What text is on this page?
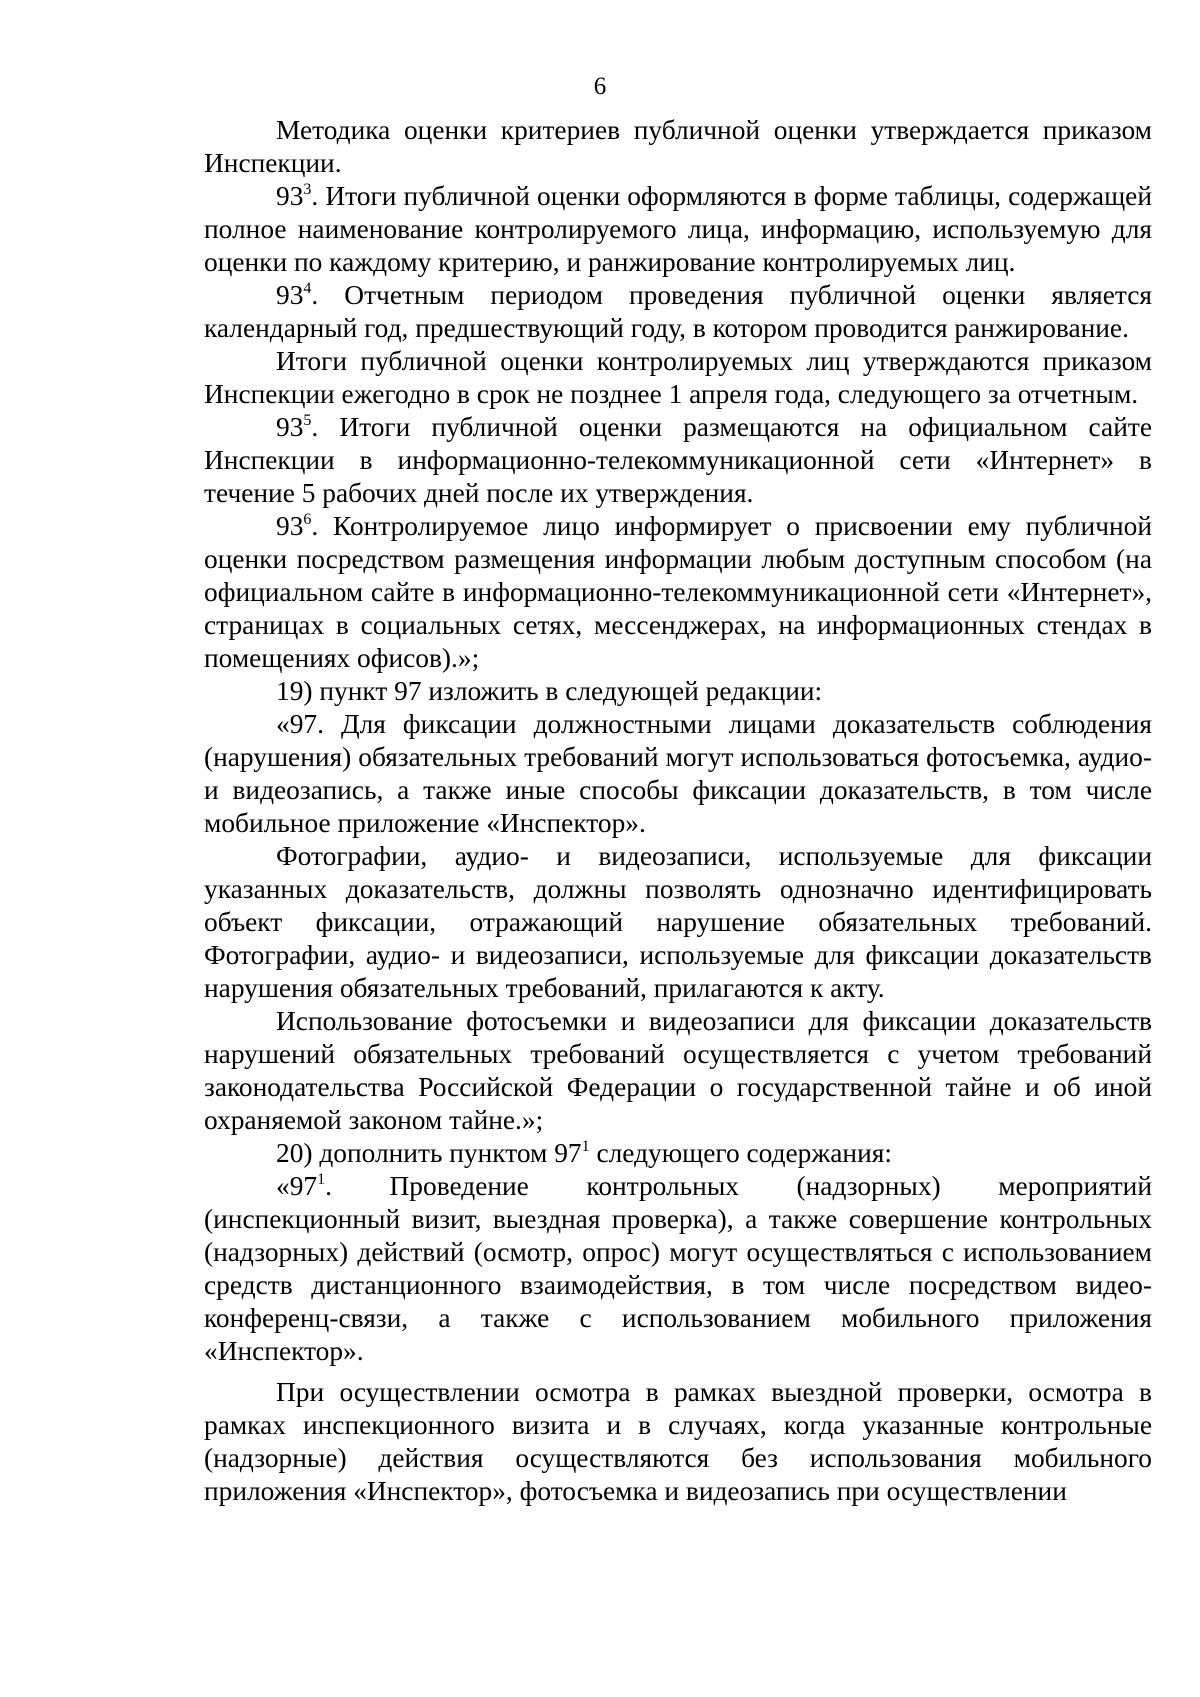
6

Методика оценки критериев публичной оценки утверждается приказом Инспекции.

$93^3$. Итоги публичной оценки оформляются в форме таблицы, содержащей полное наименование контролируемого лица, информацию, используемую для оценки по каждому критерию, и ранжирование контролируемых лиц.

$93^4$. Отчетным периодом проведения публичной оценки является календарный год, предшествующий году, в котором проводится ранжирование.

Итоги публичной оценки контролируемых лиц утверждаются приказом Инспекции ежегодно в срок не позднее 1 апреля года, следующего за отчетным.

$93^5$. Итоги публичной оценки размещаются на официальном сайте Инспекции в информационно-телекоммуникационной сети «Интернет» в течение 5 рабочих дней после их утверждения.

$93^6$. Контролируемое лицо информирует о присвоении ему публичной оценки посредством размещения информации любым доступным способом (на официальном сайте в информационно-телекоммуникационной сети «Интернет», страницах в социальных сетях, мессенджерах, на информационных стендах в помещениях офисов).»;

19) пункт 97 изложить в следующей редакции:

«97. Для фиксации должностными лицами доказательств соблюдения (нарушения) обязательных требований могут использоваться фотосъемка, аудио- и видеозапись, а также иные способы фиксации доказательств, в том числе мобильное приложение «Инспектор».

Фотографии, аудио- и видеозаписи, используемые для фиксации указанных доказательств, должны позволять однозначно идентифицировать объект фиксации, отражающий нарушение обязательных требований. Фотографии, аудио- и видеозаписи, используемые для фиксации доказательств нарушения обязательных требований, прилагаются к акту.

Использование фотосъемки и видеозаписи для фиксации доказательств нарушений обязательных требований осуществляется с учетом требований законодательства Российской Федерации о государственной тайне и об иной охраняемой законом тайне.»;

20) дополнить пунктом $97^1$ следующего содержания:

«$97^1$. Проведение контрольных (надзорных) мероприятий (инспекционный визит, выездная проверка), а также совершение контрольных (надзорных) действий (осмотр, опрос) могут осуществляться с использованием средств дистанционного взаимодействия, в том числе посредством видео-конференц-связи, а также с использованием мобильного приложения «Инспектор».

При осуществлении осмотра в рамках выездной проверки, осмотра в рамках инспекционного визита и в случаях, когда указанные контрольные (надзорные) действия осуществляются без использования мобильного приложения «Инспектор», фотосъемка и видеозапись при осуществлении
